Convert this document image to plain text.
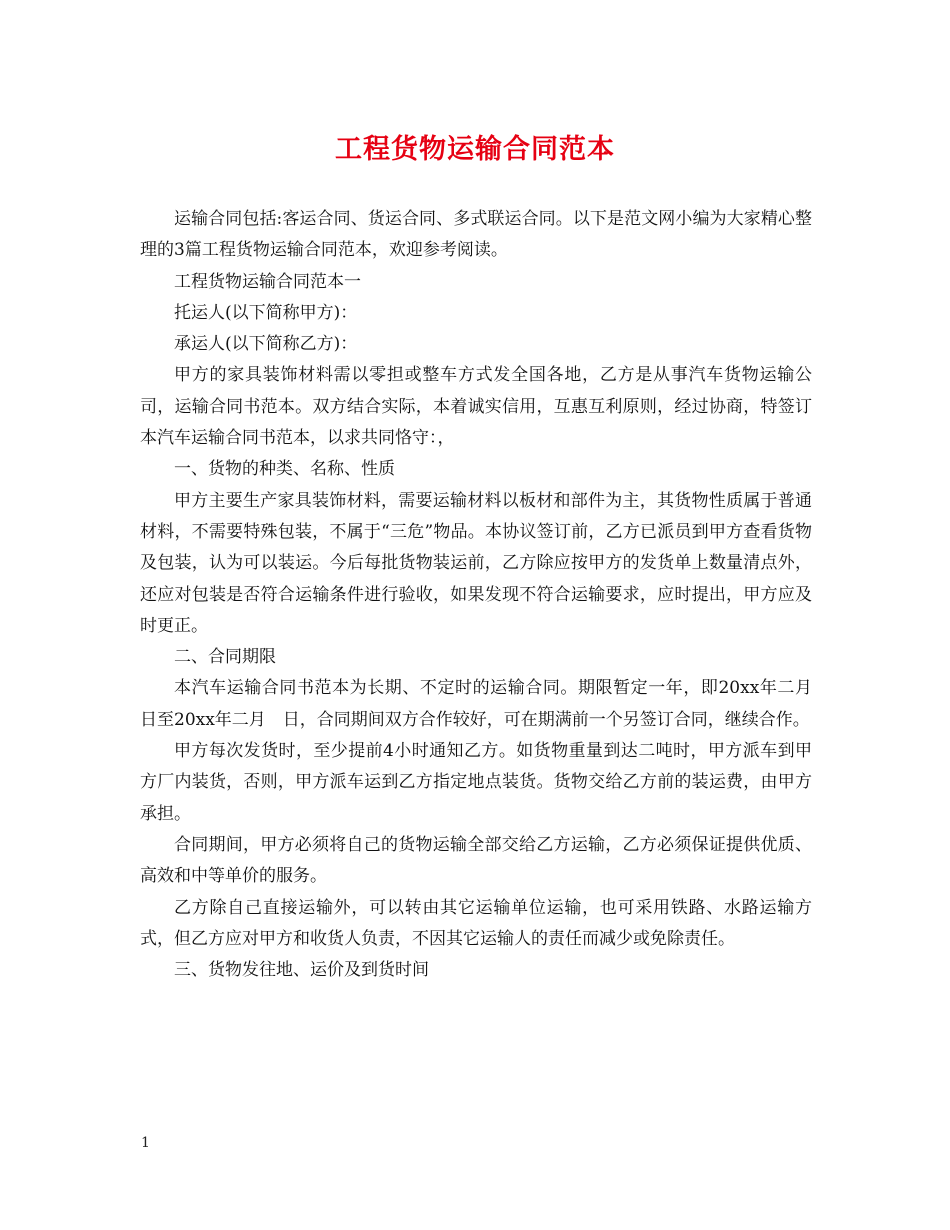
工程货物运输合同范本

运输合同包括:客运合同、货运合同、多式联运合同。以下是范文网小编为大家精心整理的3篇工程货物运输合同范本，欢迎参考阅读。

工程货物运输合同范本一

托运人(以下简称甲方)：

承运人(以下简称乙方)：

甲方的家具装饰材料需以零担或整车方式发全国各地，乙方是从事汽车货物运输公司，运输合同书范本。双方结合实际，本着诚实信用，互惠互利原则，经过协商，特签订本汽车运输合同书范本，以求共同恪守：，

一、货物的种类、名称、性质

甲方主要生产家具装饰材料，需要运输材料以板材和部件为主，其货物性质属于普通材料，不需要特殊包装，不属于“三危”物品。本协议签订前，乙方已派员到甲方查看货物及包装，认为可以装运。今后每批货物装运前，乙方除应按甲方的发货单上数量清点外，还应对包装是否符合运输条件进行验收，如果发现不符合运输要求，应时提出，甲方应及时更正。

二、合同期限

本汽车运输合同书范本为长期、不定时的运输合同。期限暂定一年，即20xx年二月　日至20xx年二月　日，合同期间双方合作较好，可在期满前一个另签订合同，继续合作。

甲方每次发货时，至少提前4小时通知乙方。如货物重量到达二吨时，甲方派车到甲方厂内装货，否则，甲方派车运到乙方指定地点装货。货物交给乙方前的装运费，由甲方承担。

合同期间，甲方必须将自己的货物运输全部交给乙方运输，乙方必须保证提供优质、高效和中等单价的服务。

乙方除自己直接运输外，可以转由其它运输单位运输，也可采用铁路、水路运输方式，但乙方应对甲方和收货人负责，不因其它运输人的责任而减少或免除责任。

三、货物发往地、运价及到货时间

1
